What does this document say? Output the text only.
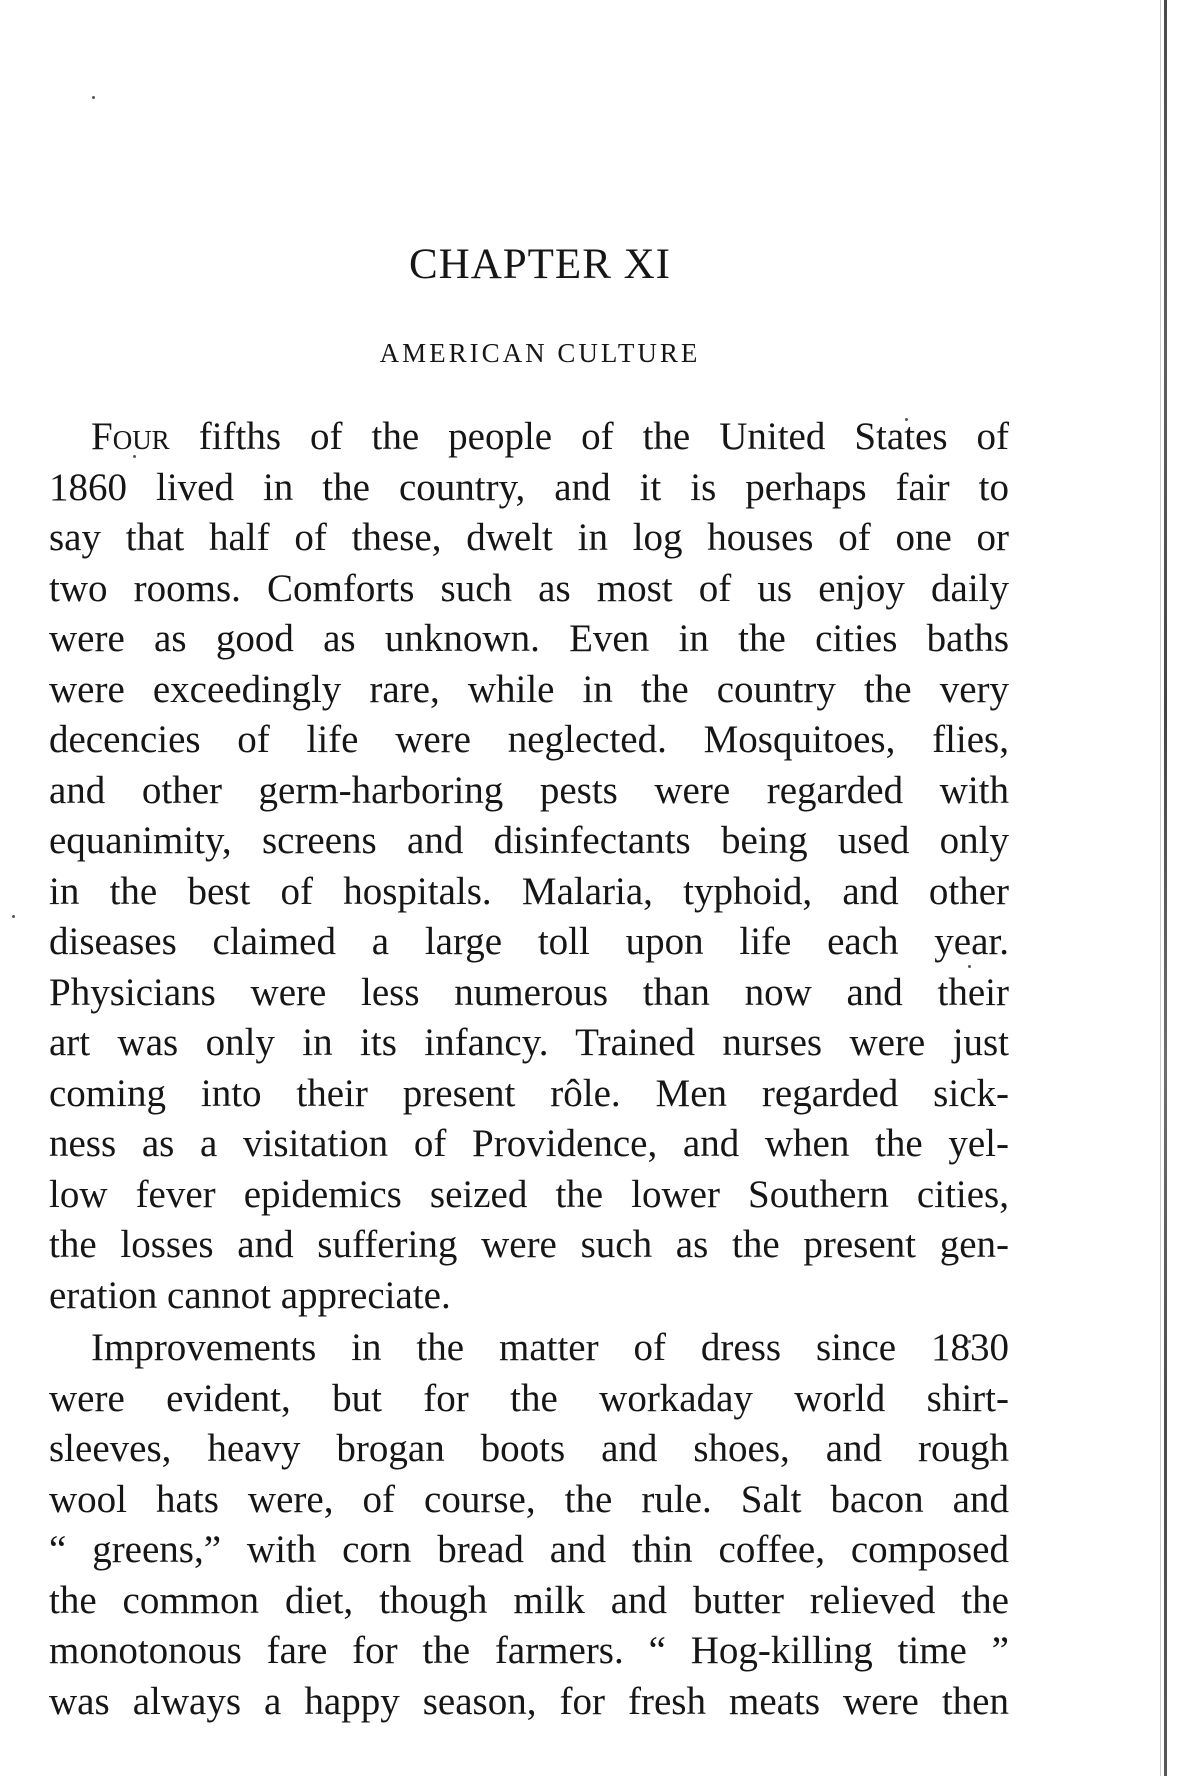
CHAPTER XI
AMERICAN CULTURE
Four fifths of the people of the United States of
1860 lived in the country, and it is perhaps fair to
say that half of these, dwelt in log houses of one or
two rooms. Comforts such as most of us enjoy daily
were as good as unknown. Even in the cities baths
were exceedingly rare, while in the country the very
decencies of life were neglected. Mosquitoes, flies,
and other germ-harboring pests were regarded with
equanimity, screens and disinfectants being used only
in the best of hospitals. Malaria, typhoid, and other
diseases claimed a large toll upon life each year.
Physicians were less numerous than now and their
art was only in its infancy. Trained nurses were just
coming into their present rôle. Men regarded sick-
ness as a visitation of Providence, and when the yel-
low fever epidemics seized the lower Southern cities,
the losses and suffering were such as the present gen-
eration cannot appreciate.
Improvements in the matter of dress since 1830
were evident, but for the workaday world shirt-
sleeves, heavy brogan boots and shoes, and rough
wool hats were, of course, the rule. Salt bacon and
“ greens,” with corn bread and thin coffee, composed
the common diet, though milk and butter relieved the
monotonous fare for the farmers. “ Hog-killing time ”
was always a happy season, for fresh meats were then
